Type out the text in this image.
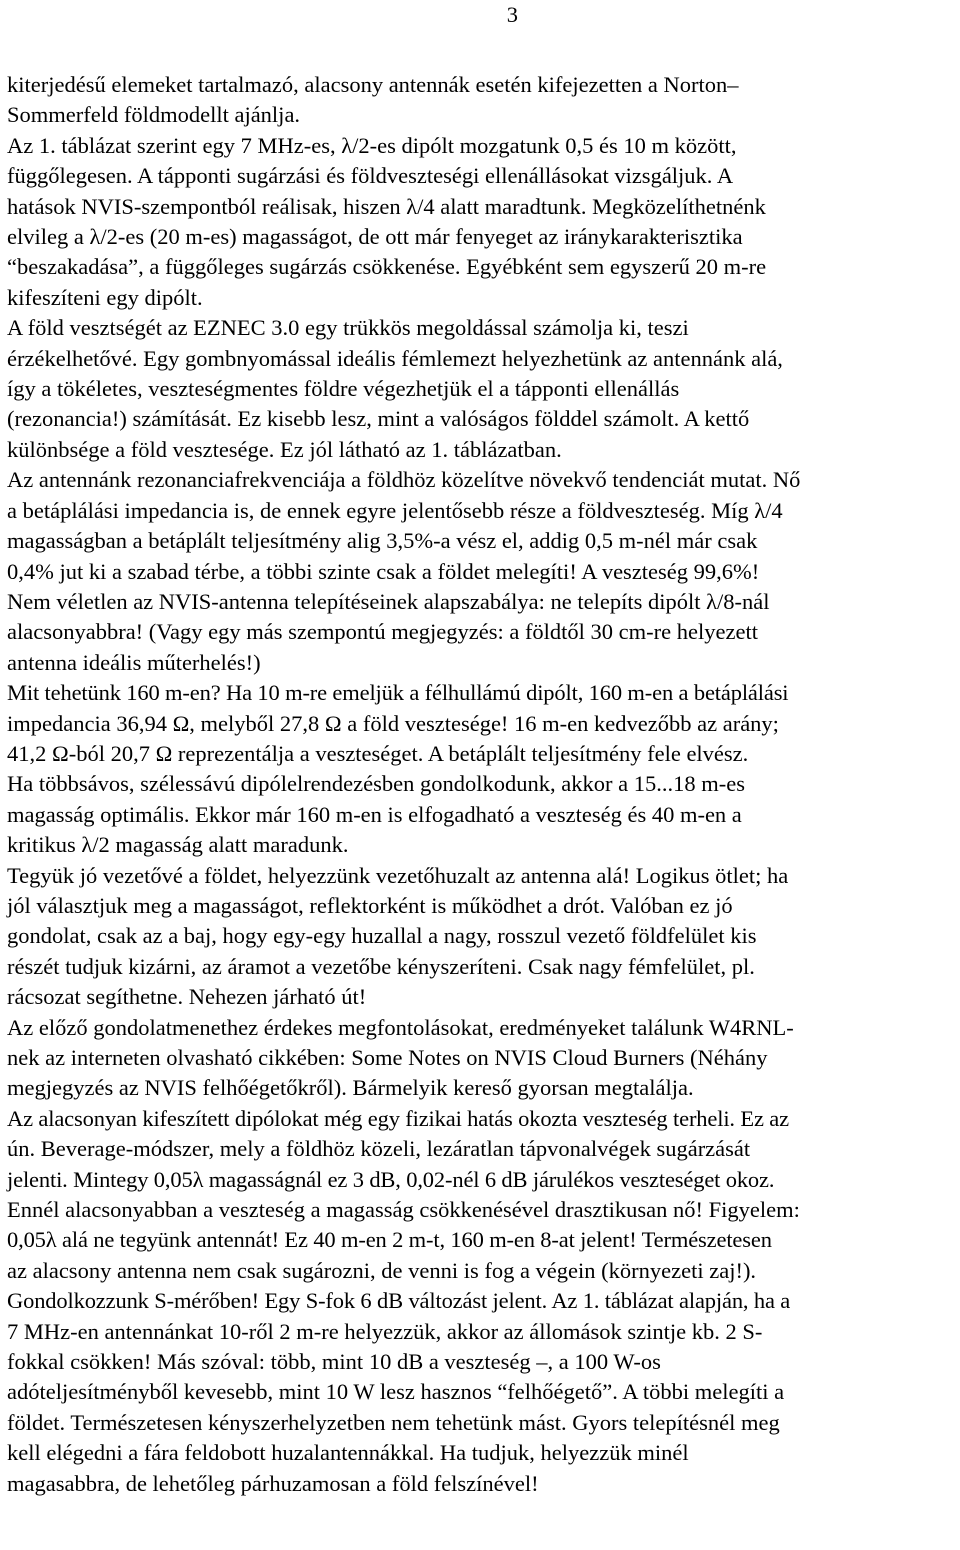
3
kiterjedésű elemeket tartalmazó, alacsony antennák esetén kifejezetten a Norton–
Sommerfeld földmodellt ajánlja.
Az 1. táblázat szerint egy 7 MHz-es, λ/2-es dipólt mozgatunk 0,5 és 10 m között,
függőlegesen. A tápponti sugárzási és földveszteségi ellenállásokat vizsgáljuk. A
hatások NVIS-szempontból reálisak, hiszen λ/4 alatt maradtunk. Megközelíthetnénk
elvileg a λ/2-es (20 m-es) magasságot, de ott már fenyeget az iránykarakterisztika
“beszakadása”, a függőleges sugárzás csökkenése. Egyébként sem egyszerű 20 m-re
kifeszíteni egy dipólt.
A föld vesztségét az EZNEC 3.0 egy trükkös megoldással számolja ki, teszi
érzékelhetővé. Egy gombnyomással ideális fémlemezt helyezhetünk az antennánk alá,
így a tökéletes, veszteségmentes földre végezhetjük el a tápponti ellenállás
(rezonancia!) számítását. Ez kisebb lesz, mint a valóságos földdel számolt. A kettő
különbsége a föld vesztesége. Ez jól látható az 1. táblázatban.
Az antennánk rezonanciafrekvenciája a földhöz közelítve növekvő tendenciát mutat. Nő
a betáplálási impedancia is, de ennek egyre jelentősebb része a földveszteség. Míg λ/4
magasságban a betáplált teljesítmény alig 3,5%-a vész el, addig 0,5 m-nél már csak
0,4% jut ki a szabad térbe, a többi szinte csak a földet melegíti! A veszteség 99,6%!
Nem véletlen az NVIS-antenna telepítéseinek alapszabálya: ne telepíts dipólt λ/8-nál
alacsonyabbra! (Vagy egy más szempontú megjegyzés: a földtől 30 cm-re helyezett
antenna ideális műterhelés!)
Mit tehetünk 160 m-en? Ha 10 m-re emeljük a félhullámú dipólt, 160 m-en a betáplálási
impedancia 36,94 Ω, melyből 27,8 Ω a föld vesztesége! 16 m-en kedvezőbb az arány;
41,2 Ω-ból 20,7 Ω reprezentálja a veszteséget. A betáplált teljesítmény fele elvész.
Ha többsávos, szélessávú dipólelrendezésben gondolkodunk, akkor a 15...18 m-es
magasság optimális. Ekkor már 160 m-en is elfogadható a veszteség és 40 m-en a
kritikus λ/2 magasság alatt maradunk.
Tegyük jó vezetővé a földet, helyezzünk vezetőhuzalt az antenna alá! Logikus ötlet; ha
jól választjuk meg a magasságot, reflektorként is működhet a drót. Valóban ez jó
gondolat, csak az a baj, hogy egy-egy huzallal a nagy, rosszul vezető földfelület kis
részét tudjuk kizárni, az áramot a vezetőbe kényszeríteni. Csak nagy fémfelület, pl.
rácsozat segíthetne. Nehezen járható út!
Az előző gondolatmenethez érdekes megfontolásokat, eredményeket találunk W4RNL-
nek az interneten olvasható cikkében: Some Notes on NVIS Cloud Burners (Néhány
megjegyzés az NVIS felhőégetőkről). Bármelyik kereső gyorsan megtalálja.
Az alacsonyan kifeszített dipólokat még egy fizikai hatás okozta veszteség terheli. Ez az
ún. Beverage-módszer, mely a földhöz közeli, lezáratlan tápvonalvégek sugárzását
jelenti. Mintegy 0,05λ magasságnál ez 3 dB, 0,02-nél 6 dB járulékos veszteséget okoz.
Ennél alacsonyabban a veszteség a magasság csökkenésével drasztikusan nő! Figyelem:
0,05λ alá ne tegyünk antennát! Ez 40 m-en 2 m-t, 160 m-en 8-at jelent! Természetesen
az alacsony antenna nem csak sugározni, de venni is fog a végein (környezeti zaj!).
Gondolkozzunk S-mérőben! Egy S-fok 6 dB változást jelent. Az 1. táblázat alapján, ha a
7 MHz-en antennánkat 10-ről 2 m-re helyezzük, akkor az állomások szintje kb. 2 S-
fokkal csökken! Más szóval: több, mint 10 dB a veszteség –, a 100 W-os
adóteljesítményből kevesebb, mint 10 W lesz hasznos “felhőégető”. A többi melegíti a
földet. Természetesen kényszerhelyzetben nem tehetünk mást. Gyors telepítésnél meg
kell elégedni a fára feldobott huzalantennákkal. Ha tudjuk, helyezzük minél
magasabbra, de lehetőleg párhuzamosan a föld felszínével!
